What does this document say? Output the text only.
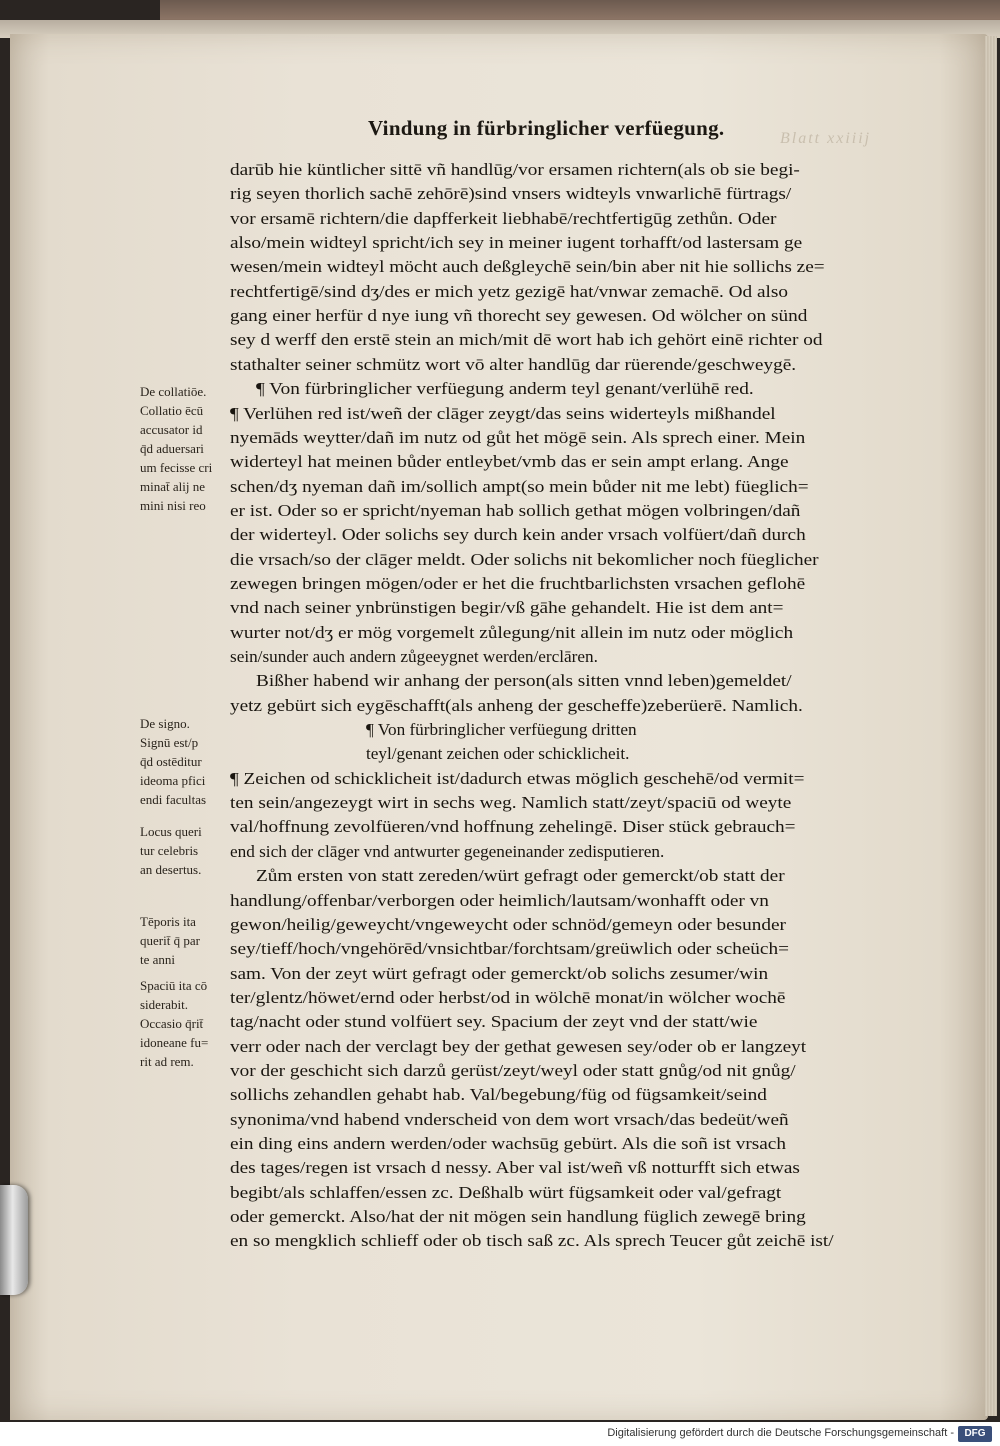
Blatt xxiiij
Vindung in fürbringlicher verfüegung.
darūb hie küntlicher sittē vñ handlūg/vor ersamen richtern(als ob sie begi-
rig seyen thorlich sachē zehōrē)sind vnsers widteyls vnwarlichē fürtrags/
vor ersamē richtern/die dapfferkeit liebhabē/rechtfertigūg zethůn. Oder
also/mein widteyl spricht/ich sey in meiner iugent torhafft/od lastersam ge
wesen/mein widteyl möcht auch deßgleychē sein/bin aber nit hie sollichs ze=
rechtfertigē/sind dʒ/des er mich yetz gezigē hat/vnwar zemachē. Od also
gang einer herfür d nye iung vñ thorecht sey gewesen. Od wölcher on sünd
sey d werff den erstē stein an mich/mit dē wort hab ich gehört einē richter od
stathalter seiner schmütz wort vō alter handlūg dar rüerende/geschweygē.
¶ Von fürbringlicher verfüegung anderm teyl genant/verlühē red.
¶ Verlühen red ist/weñ der clāger zeygt/das seins widerteyls mißhandel
nyemāds weytter/dañ im nutz od gůt het mögē sein. Als sprech einer. Mein
widerteyl hat meinen bůder entleybet/vmb das er sein ampt erlang. Ange
schen/dʒ nyeman dañ im/sollich ampt(so mein bůder nit me lebt) füeglich=
er ist. Oder so er spricht/nyeman hab sollich gethat mögen volbringen/dañ
der widerteyl. Oder solichs sey durch kein ander vrsach volfüert/dañ durch
die vrsach/so der clāger meldt. Oder solichs nit bekomlicher noch füeglicher
zewegen bringen mögen/oder er het die fruchtbarlichsten vrsachen geflohē
vnd nach seiner ynbrünstigen begir/vß gāhe gehandelt. Hie ist dem ant=
wurter not/dʒ er mög vorgemelt zůlegung/nit allein im nutz oder möglich
sein/sunder auch andern zůgeeygnet werden/erclāren.
Bißher habend wir anhang der person(als sitten vnnd leben)gemeldet/
yetz gebürt sich eygēschafft(als anheng der gescheffe)zeberüerē. Namlich.
¶ Von fürbringlicher verfüegung dritten
teyl/genant zeichen oder schicklicheit.
¶ Zeichen od schicklicheit ist/dadurch etwas möglich geschehē/od vermit=
ten sein/angezeygt wirt in sechs weg. Namlich statt/zeyt/spaciū od weyte
val/hoffnung zevolfüeren/vnd hoffnung zehelingē. Diser stück gebrauch=
end sich der clāger vnd antwurter gegeneinander zedisputieren.
Zům ersten von statt zereden/würt gefragt oder gemerckt/ob statt der
handlung/offenbar/verborgen oder heimlich/lautsam/wonhafft oder vn
gewon/heilig/geweycht/vngeweycht oder schnöd/gemeyn oder besunder
sey/tieff/hoch/vngehörēd/vnsichtbar/forchtsam/greüwlich oder scheüch=
sam. Von der zeyt würt gefragt oder gemerckt/ob solichs zesumer/win
ter/glentz/höwet/ernd oder herbst/od in wölchē monat/in wölcher wochē
tag/nacht oder stund volfüert sey. Spacium der zeyt vnd der statt/wie
verr oder nach der verclagt bey der gethat gewesen sey/oder ob er langzeyt
vor der geschicht sich darzů gerüst/zeyt/weyl oder statt gnůg/od nit gnůg/
sollichs zehandlen gehabt hab. Val/begebung/füg od fügsamkeit/seind
synonima/vnd habend vnderscheid von dem wort vrsach/das bedeüt/weñ
ein ding eins andern werden/oder wachsūg gebürt. Als die soñ ist vrsach
des tages/regen ist vrsach d nessy. Aber val ist/weñ vß notturfft sich etwas
begibt/als schlaffen/essen zc. Deßhalb würt fügsamkeit oder val/gefragt
oder gemerckt. Also/hat der nit mögen sein handlung füglich zewegē bring
en so mengklich schlieff oder ob tisch saß zc. Als sprech Teucer gůt zeichē ist/
De collatiōe.
Collatio ēcū
accusator id
q̄d aduersari
um fecisse cri
minat̄ alij ne
mini nisi reo
De signo.
Signū est/p
q̄d ostēditur
ideoma pfici
endi facultas
Locus queri
tur celebris
an desertus.
Tēporis ita
querit̄ q̄ par
te anni
Spaciū ita cō
siderabit.
Occasio q̄rit̄
idoneane fu=
rit ad rem.
Digitalisierung gefördert durch die Deutsche Forschungsgemeinschaft -	DFG
